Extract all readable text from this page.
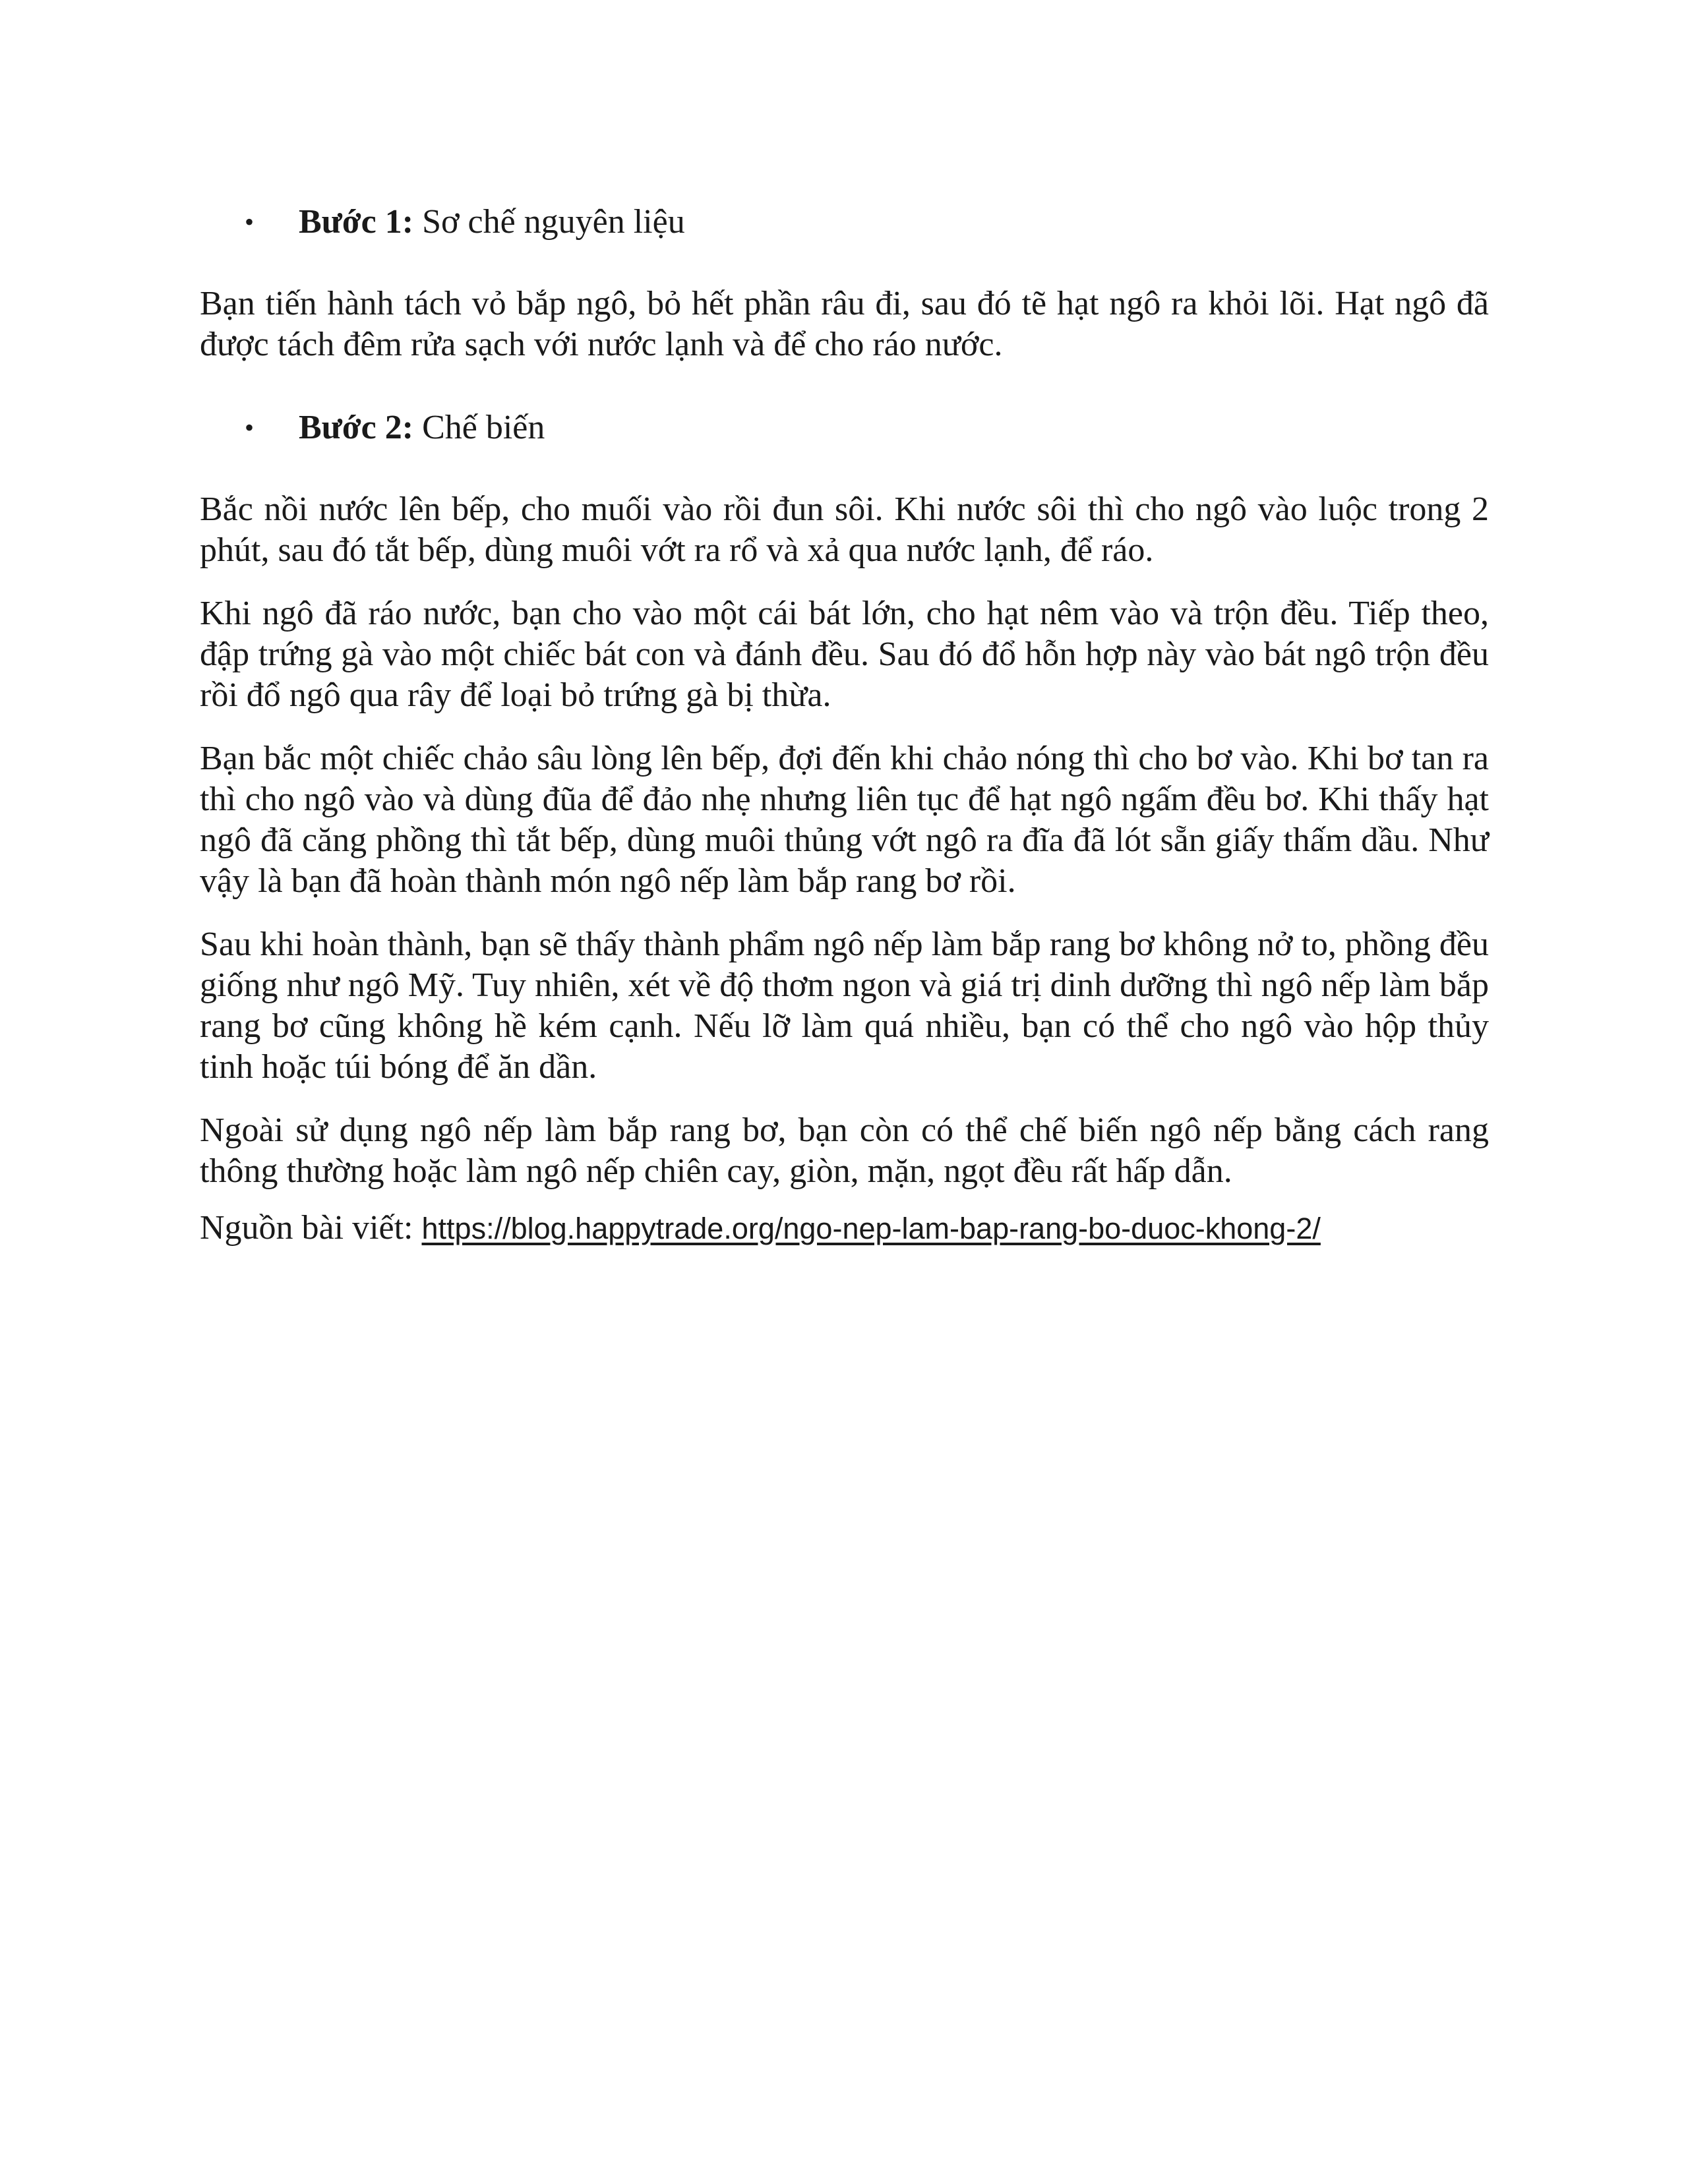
• Bước 1: Sơ chế nguyên liệu

Bạn tiến hành tách vỏ bắp ngô, bỏ hết phần râu đi, sau đó tẽ hạt ngô ra khỏi lõi. Hạt ngô đã được tách đêm rửa sạch với nước lạnh và để cho ráo nước.

• Bước 2: Chế biến

Bắc nồi nước lên bếp, cho muối vào rồi đun sôi. Khi nước sôi thì cho ngô vào luộc trong 2 phút, sau đó tắt bếp, dùng muôi vớt ra rổ và xả qua nước lạnh, để ráo.

Khi ngô đã ráo nước, bạn cho vào một cái bát lớn, cho hạt nêm vào và trộn đều. Tiếp theo, đập trứng gà vào một chiếc bát con và đánh đều. Sau đó đổ hỗn hợp này vào bát ngô trộn đều rồi đổ ngô qua rây để loại bỏ trứng gà bị thừa.

Bạn bắc một chiếc chảo sâu lòng lên bếp, đợi đến khi chảo nóng thì cho bơ vào. Khi bơ tan ra thì cho ngô vào và dùng đũa để đảo nhẹ nhưng liên tục để hạt ngô ngấm đều bơ. Khi thấy hạt ngô đã căng phồng thì tắt bếp, dùng muôi thủng vớt ngô ra đĩa đã lót sẵn giấy thấm dầu. Như vậy là bạn đã hoàn thành món ngô nếp làm bắp rang bơ rồi.

Sau khi hoàn thành, bạn sẽ thấy thành phẩm ngô nếp làm bắp rang bơ không nở to, phồng đều giống như ngô Mỹ. Tuy nhiên, xét về độ thơm ngon và giá trị dinh dưỡng thì ngô nếp làm bắp rang bơ cũng không hề kém cạnh. Nếu lỡ làm quá nhiều, bạn có thể cho ngô vào hộp thủy tinh hoặc túi bóng để ăn dần.

Ngoài sử dụng ngô nếp làm bắp rang bơ, bạn còn có thể chế biến ngô nếp bằng cách rang thông thường hoặc làm ngô nếp chiên cay, giòn, mặn, ngọt đều rất hấp dẫn.

Nguồn bài viết: https://blog.happytrade.org/ngo-nep-lam-bap-rang-bo-duoc-khong-2/
